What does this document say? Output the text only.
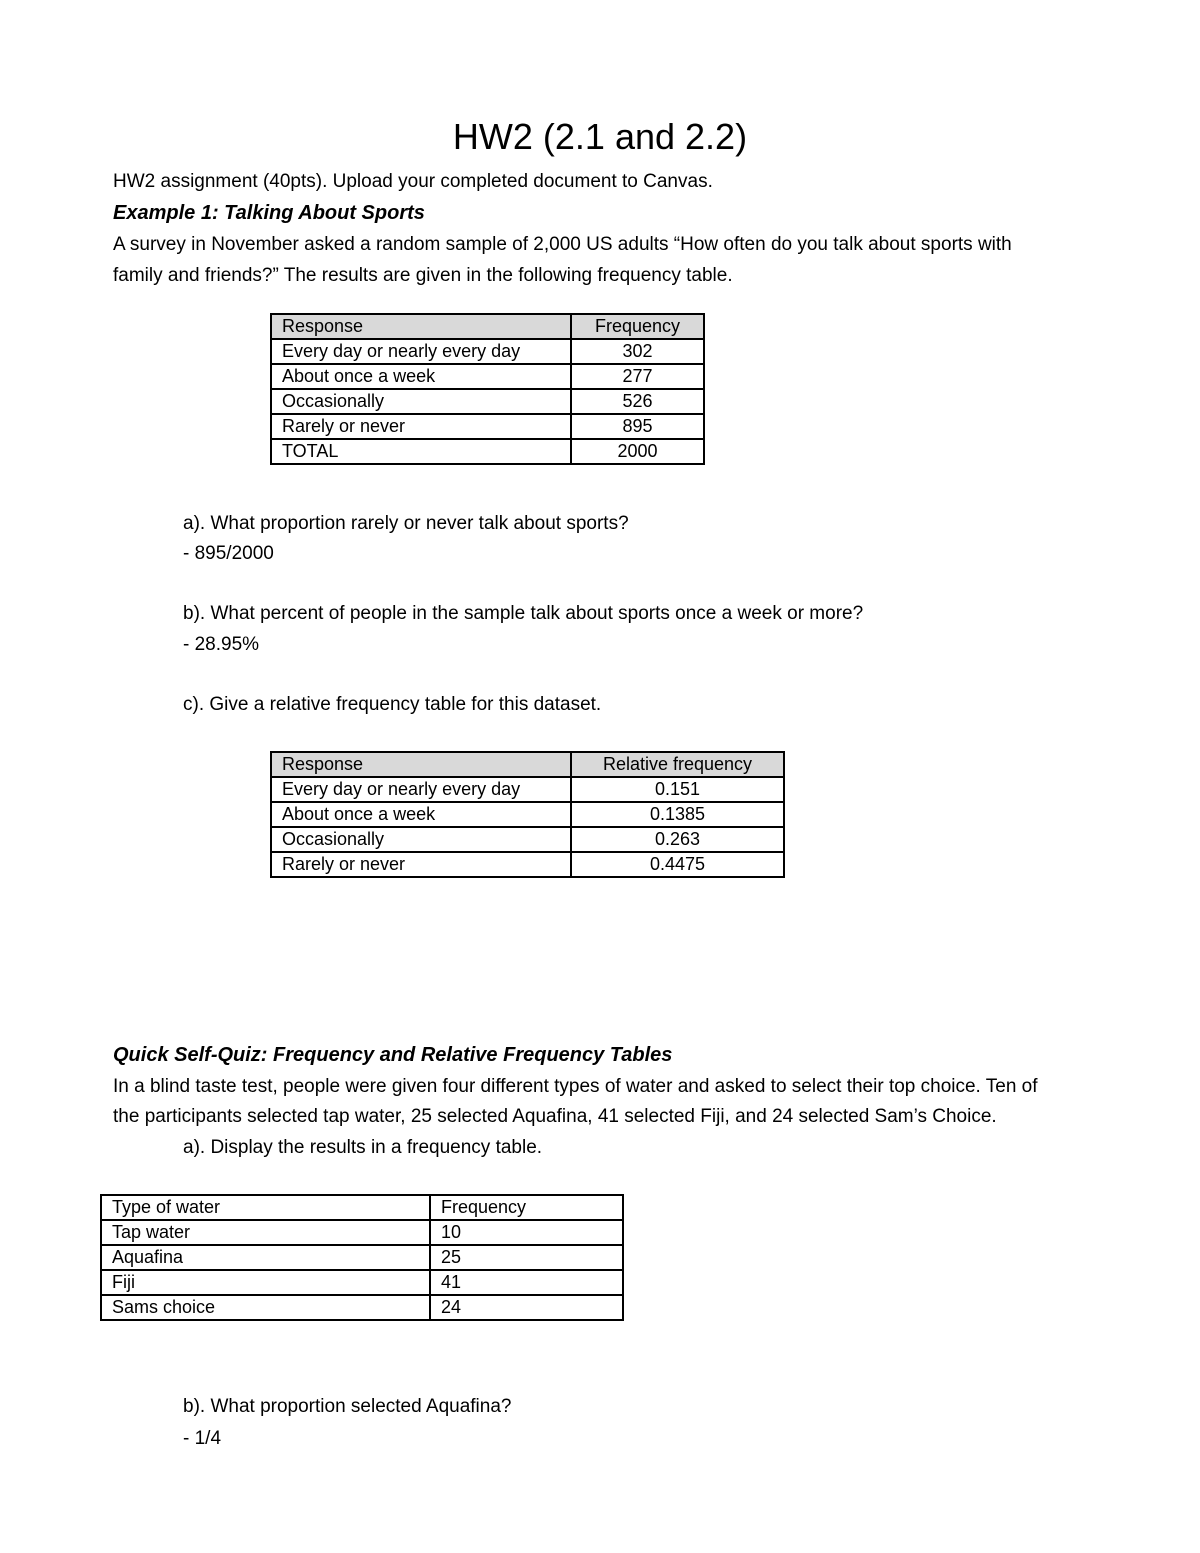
HW2 (2.1 and 2.2)
HW2 assignment (40pts). Upload your completed document to Canvas.
Example 1: Talking About Sports
A survey in November asked a random sample of 2,000 US adults “How often do you talk about sports with
family and friends?” The results are given in the following frequency table.
Response	Frequency
Every day or nearly every day	302
About once a week	277
Occasionally	526
Rarely or never	895
TOTAL	2000
a). What proportion rarely or never talk about sports?
- 895/2000
b). What percent of people in the sample talk about sports once a week or more?
- 28.95%
c). Give a relative frequency table for this dataset.
Response	Relative frequency
Every day or nearly every day	0.151
About once a week	0.1385
Occasionally	0.263
Rarely or never	0.4475
Quick Self-Quiz: Frequency and Relative Frequency Tables
In a blind taste test, people were given four different types of water and asked to select their top choice. Ten of
the participants selected tap water, 25 selected Aquafina, 41 selected Fiji, and 24 selected Sam’s Choice.
a). Display the results in a frequency table.
Type of water	Frequency
Tap water	10
Aquafina	25
Fiji	41
Sams choice	24
b). What proportion selected Aquafina?
- 1/4
